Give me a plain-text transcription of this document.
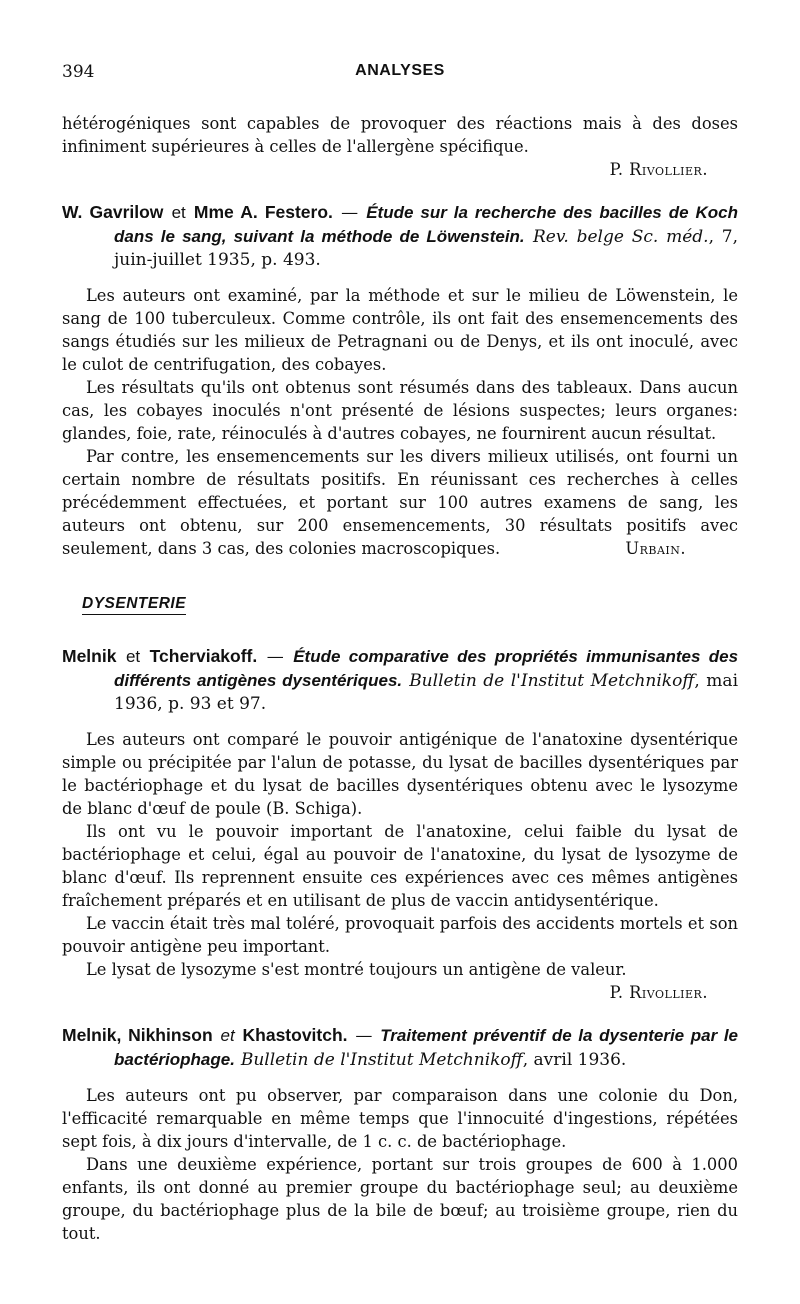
394	ANALYSES

hétérogéniques sont capables de provoquer des réactions mais à des doses infiniment supérieures à celles de l'allergène spécifique.

P. Rivollier.

W. Gavrilow et Mme A. Festero. — Étude sur la recherche des bacilles de Koch dans le sang, suivant la méthode de Löwenstein. Rev. belge Sc. méd., 7, juin-juillet 1935, p. 493.

Les auteurs ont examiné, par la méthode et sur le milieu de Löwenstein, le sang de 100 tuberculeux. Comme contrôle, ils ont fait des ensemencements des sangs étudiés sur les milieux de Petragnani ou de Denys, et ils ont inoculé, avec le culot de centrifugation, des cobayes.

Les résultats qu'ils ont obtenus sont résumés dans des tableaux. Dans aucun cas, les cobayes inoculés n'ont présenté de lésions suspectes; leurs organes: glandes, foie, rate, réinoculés à d'autres cobayes, ne fournirent aucun résultat.

Par contre, les ensemencements sur les divers milieux utilisés, ont fourni un certain nombre de résultats positifs. En réunissant ces recherches à celles précédemment effectuées, et portant sur 100 autres examens de sang, les auteurs ont obtenu, sur 200 ensemencements, 30 résultats positifs avec seulement, dans 3 cas, des colonies macroscopiques.	Urbain.

DYSENTERIE

Melnik et Tcherviakoff. — Étude comparative des propriétés immunisantes des différents antigènes dysentériques. Bulletin de l'Institut Metchnikoff, mai 1936, p. 93 et 97.

Les auteurs ont comparé le pouvoir antigénique de l'anatoxine dysentérique simple ou précipitée par l'alun de potasse, du lysat de bacilles dysentériques par le bactériophage et du lysat de bacilles dysentériques obtenu avec le lysozyme de blanc d'œuf de poule (B. Schiga).

Ils ont vu le pouvoir important de l'anatoxine, celui faible du lysat de bactériophage et celui, égal au pouvoir de l'anatoxine, du lysat de lysozyme de blanc d'œuf. Ils reprennent ensuite ces expériences avec ces mêmes antigènes fraîchement préparés et en utilisant de plus de vaccin antidysentérique.

Le vaccin était très mal toléré, provoquait parfois des accidents mortels et son pouvoir antigène peu important.

Le lysat de lysozyme s'est montré toujours un antigène de valeur.

P. Rivollier.

Melnik, Nikhinson et Khastovitch. — Traitement préventif de la dysenterie par le bactériophage. Bulletin de l'Institut Metchnikoff, avril 1936.

Les auteurs ont pu observer, par comparaison dans une colonie du Don, l'efficacité remarquable en même temps que l'innocuité d'ingestions, répétées sept fois, à dix jours d'intervalle, de 1 c. c. de bactériophage.

Dans une deuxième expérience, portant sur trois groupes de 600 à 1.000 enfants, ils ont donné au premier groupe du bactériophage seul; au deuxième groupe, du bactériophage plus de la bile de bœuf; au troisième groupe, rien du tout.
